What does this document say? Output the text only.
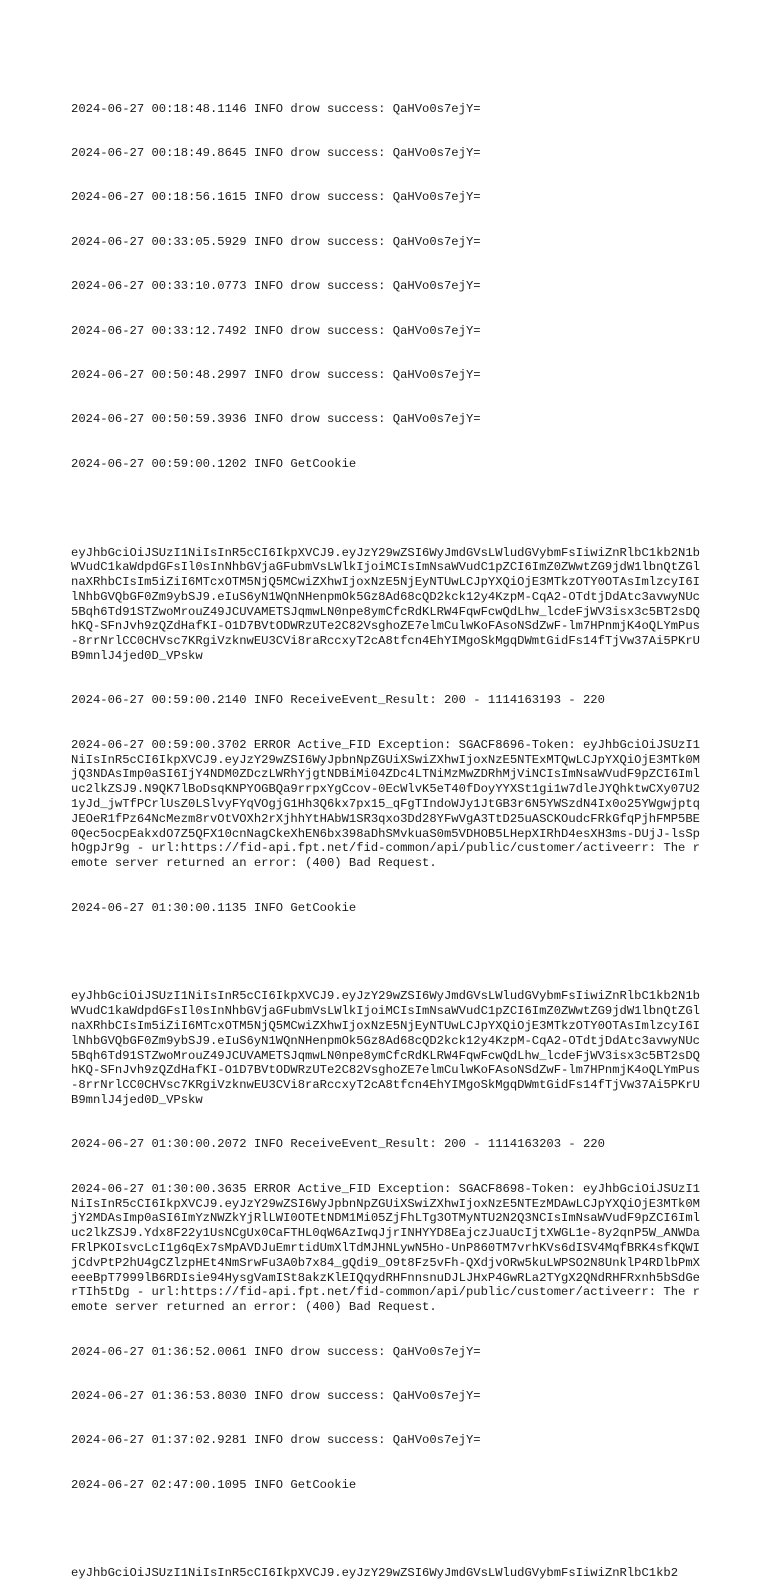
2024-06-27 00:18:48.1146 INFO drow success: QaHVo0s7ejY=

2024-06-27 00:18:49.8645 INFO drow success: QaHVo0s7ejY=

2024-06-27 00:18:56.1615 INFO drow success: QaHVo0s7ejY=

2024-06-27 00:33:05.5929 INFO drow success: QaHVo0s7ejY=

2024-06-27 00:33:10.0773 INFO drow success: QaHVo0s7ejY=

2024-06-27 00:33:12.7492 INFO drow success: QaHVo0s7ejY=

2024-06-27 00:50:48.2997 INFO drow success: QaHVo0s7ejY=

2024-06-27 00:50:59.3936 INFO drow success: QaHVo0s7ejY=

2024-06-27 00:59:00.1202 INFO GetCookie

eyJhbGciOiJSUzI1NiIsInR5cCI6IkpXVCJ9.eyJzY29wZSI6WyJmdGVsLWludGVybmFsIiwiZnRlbC1kb2N1bWVudC1kaWdpdGFsIl0sInNhbGVjaGFubmVsLWlkIjoiMCIsImNsaWVudC1pZCI6ImZ0ZWwtZG9jdW1lbnQtZGlnaXRhbCIsIm5iZiI6MTcxOTM5NjQ5MCwiZXhwIjoxNzE5NjEyNTUwLCJpYXQiOjE3MTkzOTY0OTAsImlzcyI6IlNhbGVQbGF0Zm9ybSJ9.eIuS6yN1WQnNHenpmOk5Gz8Ad68cQD2kck12y4KzpM-CqA2-OTdtjDdAtc3avwyNUc5Bqh6Td91STZwoMrouZ49JCUVAMETSJqmwLN0npe8ymCfcRdKLRW4FqwFcwQdLhw_lcdeFjWV3isx3c5BT2sDQhKQ-SFnJvh9zQZdHafKI-O1D7BVtODWRzUTe2C82VsghoZE7elmCulwKoFAsoNSdZwF-lm7HPnmjK4oQLYmPus-8rrNrlCC0CHVsc7KRgiVzknwEU3CVi8raRccxyT2cA8tfcn4EhYIMgoSkMgqDWmtGidFs14fTjVw37Ai5PKrUB9mnlJ4jed0D_VPskw

2024-06-27 00:59:00.2140 INFO ReceiveEvent_Result: 200 - 1114163193 - 220

2024-06-27 00:59:00.3702 ERROR Active_FID Exception: SGACF8696-Token: eyJhbGciOiJSUzI1NiIsInR5cCI6IkpXVCJ9.eyJzY29wZSI6WyJpbnNpZGUiXSwiZXhwIjoxNzE5NTExMTQwLCJpYXQiOjE3MTk0MjQ3NDAsImp0aSI6IjY4NDM0ZDczLWRhYjgtNDBiMi04ZDc4LTNiMzMwZDRhMjViNCIsImNsaWVudF9pZCI6Imluc2lkZSJ9.N9QK7lBoDsqKNPYOGBQa9rrpxYgCcov-0EcWlvK5eT40fDoyYYXSt1gi1w7dleJYQhktwCXy07U21yJd_jwTfPCrlUsZ0LSlvyFYqVOgjG1Hh3Q6kx7px15_qFgTIndoWJy1JtGB3r6N5YWSzdN4Ix0o25YWgwjptqJEOeR1fPz64NcMezm8rvOtVOXh2rXjhhYtHAbW1SR3qxo3Dd28YFwVgA3TtD25uASCKOudcFRkGfqPjhFMP5BE0Qec5ocpEakxdO7Z5QFX10cnNagCkeXhEN6bx398aDhSMvkuaS0m5VDHOB5LHepXIRhD4esXH3ms-DUjJ-lsSphOgpJr9g - url:https://fid-api.fpt.net/fid-common/api/public/customer/activeerr: The remote server returned an error: (400) Bad Request.

2024-06-27 01:30:00.1135 INFO GetCookie

eyJhbGciOiJSUzI1NiIsInR5cCI6IkpXVCJ9.eyJzY29wZSI6WyJmdGVsLWludGVybmFsIiwiZnRlbC1kb2N1bWVudC1kaWdpdGFsIl0sInNhbGVjaGFubmVsLWlkIjoiMCIsImNsaWVudC1pZCI6ImZ0ZWwtZG9jdW1lbnQtZGlnaXRhbCIsIm5iZiI6MTcxOTM5NjQ5MCwiZXhwIjoxNzE5NjEyNTUwLCJpYXQiOjE3MTkzOTY0OTAsImlzcyI6IlNhbGVQbGF0Zm9ybSJ9.eIuS6yN1WQnNHenpmOk5Gz8Ad68cQD2kck12y4KzpM-CqA2-OTdtjDdAtc3avwyNUc5Bqh6Td91STZwoMrouZ49JCUVAMETSJqmwLN0npe8ymCfcRdKLRW4FqwFcwQdLhw_lcdeFjWV3isx3c5BT2sDQhKQ-SFnJvh9zQZdHafKI-O1D7BVtODWRzUTe2C82VsghoZE7elmCulwKoFAsoNSdZwF-lm7HPnmjK4oQLYmPus-8rrNrlCC0CHVsc7KRgiVzknwEU3CVi8raRccxyT2cA8tfcn4EhYIMgoSkMgqDWmtGidFs14fTjVw37Ai5PKrUB9mnlJ4jed0D_VPskw

2024-06-27 01:30:00.2072 INFO ReceiveEvent_Result: 200 - 1114163203 - 220

2024-06-27 01:30:00.3635 ERROR Active_FID Exception: SGACF8698-Token: eyJhbGciOiJSUzI1NiIsInR5cCI6IkpXVCJ9.eyJzY29wZSI6WyJpbnNpZGUiXSwiZXhwIjoxNzE5NTEzMDAwLCJpYXQiOjE3MTk0MjY2MDAsImp0aSI6ImYzNWZkYjRlLWI0OTEtNDM1Mi05ZjFhLTg3OTMyNTU2N2Q3NCIsImNsaWVudF9pZCI6Imluc2lkZSJ9.Ydx8F22y1UsNCgUx0CaFTHL0qW6AzIwqJjrINHYYD8EajczJuaUcIjtXWGL1e-8y2qnP5W_ANWDaFRlPKOIsvcLcI1g6qEx7sMpAVDJuEmrtidUmXlTdMJHNLywN5Ho-UnP860TM7vrhKVs6dISV4MqfBRK4sfKQWIjCdvPtP2hU4gCZlzpHEt4NmSrwFu3A0b7x84_gQdi9_O9t8Fz5vFh-QXdjvORw5kuLWPSO2N8UnklP4RDlbPmXeeeBpT7999lB6RDIsie94HysgVamISt8akzKlEIQqydRHFnnsnuDJLJHxP4GwRLa2TYgX2QNdRHFRxnh5bSdGerTIh5tDg - url:https://fid-api.fpt.net/fid-common/api/public/customer/activeerr: The remote server returned an error: (400) Bad Request.

2024-06-27 01:36:52.0061 INFO drow success: QaHVo0s7ejY=

2024-06-27 01:36:53.8030 INFO drow success: QaHVo0s7ejY=

2024-06-27 01:37:02.9281 INFO drow success: QaHVo0s7ejY=

2024-06-27 02:47:00.1095 INFO GetCookie

eyJhbGciOiJSUzI1NiIsInR5cCI6IkpXVCJ9.eyJzY29wZSI6WyJmdGVsLWludGVybmFsIiwiZnRlbC1kb2
